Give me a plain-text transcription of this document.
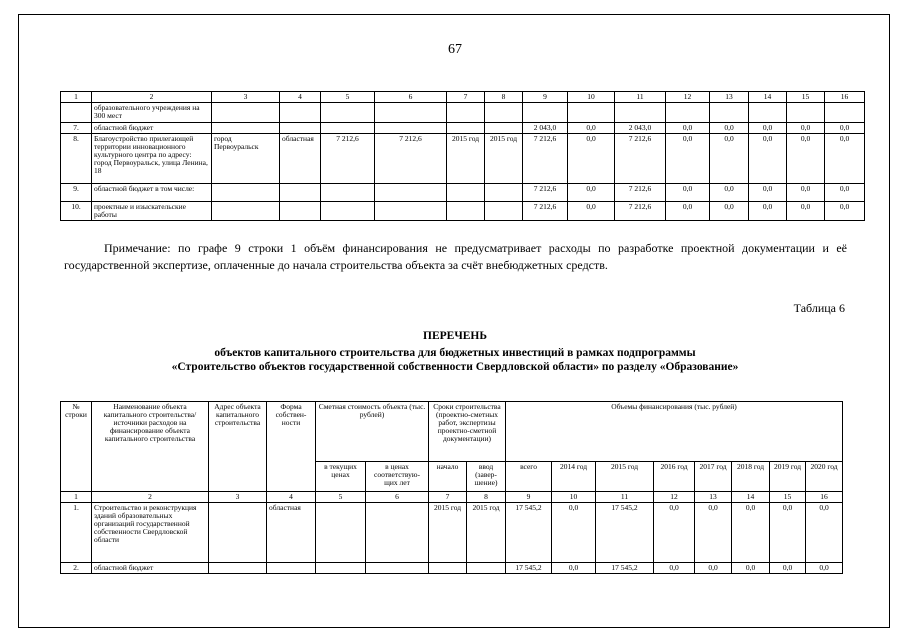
67
1	2	3	4	5	6	7	8	9	10	11	12	13	14	15	16
	образовательного учреждения на 300 мест														
7.	областной бюджет							2 043,0	0,0	2 043,0	0,0	0,0	0,0	0,0	0,0
8.	Благоустройство прилегающей территории инновационного культурного центра по адресу: город Первоуральск, улица Ленина, 18	город Первоуральск	областная	7 212,6	7 212,6	2015 год	2015 год	7 212,6	0,0	7 212,6	0,0	0,0	0,0	0,0	0,0
9.	областной бюджет в том числе:							7 212,6	0,0	7 212,6	0,0	0,0	0,0	0,0	0,0
10.	проектные и изыскательские работы							7 212,6	0,0	7 212,6	0,0	0,0	0,0	0,0	0,0
Примечание: по графе 9 строки 1 объём финансирования не предусматривает расходы по разработке проектной документации и её государственной экспертизе, оплаченные до начала строительства объекта за счёт внебюджетных средств.
Таблица 6
ПЕРЕЧЕНЬ
объектов капитального строительства для бюджетных инвестиций в рамках подпрограммы
«Строительство объектов государственной собственности Свердловской области» по разделу «Образование»
№ строки	Наименование объекта капитального строительства/ источники расходов на финансирование объекта капитального строительства	Адрес объекта капитального строительства	Форма собствен-ности	Сметная стоимость объекта (тыс. рублей)		Сроки строительства (проектно-сметных работ, экспертизы проектно-сметной документации)		Объемы финансирования (тыс. рублей)							
				в текущих ценах	в ценах соответствую-щих лет	начало	ввод (завер-шение)	всего	2014 год	2015 год	2016 год	2017 год	2018 год	2019 год	2020 год
1	2	3	4	5	6	7	8	9	10	11	12	13	14	15	16
1.	Строительство и реконструкция зданий образовательных организаций государственной собственности Свердловской области		областная			2015 год	2015 год	17 545,2	0,0	17 545,2	0,0	0,0	0,0	0,0	0,0
2.	областной бюджет							17 545,2	0,0	17 545,2	0,0	0,0	0,0	0,0	0,0
